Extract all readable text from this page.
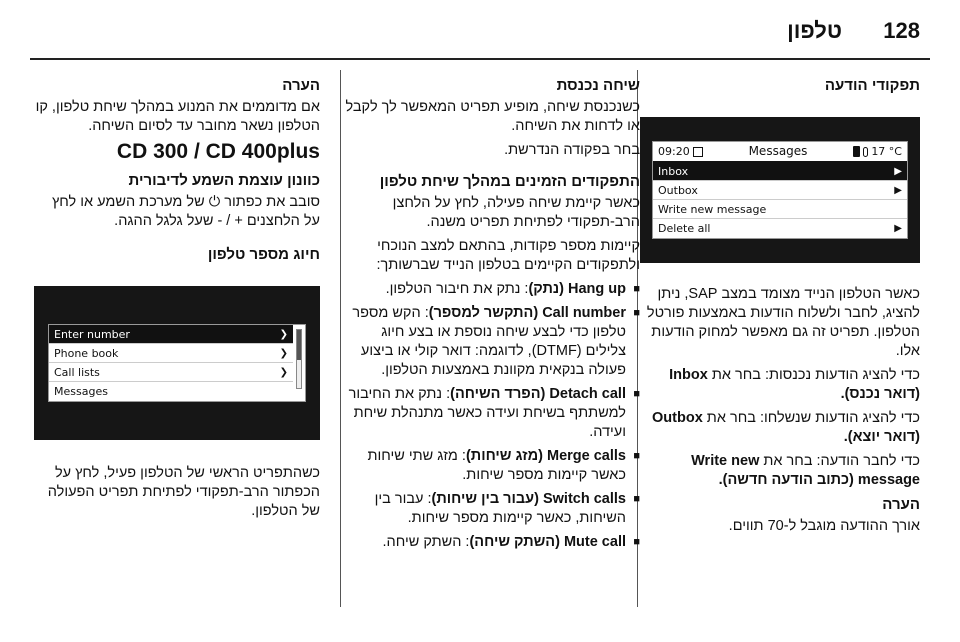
128
טלפון
תפקודי הודעה
09:20	Messages	17 °C
Inbox	▶
Outbox	▶
Write new message
Delete all	▶

כאשר הטלפון הנייד מצומד במצב SAP, ניתן להציג, לחבר ולשלוח הודעות באמצעות פורטל הטלפון. תפריט זה גם מאפשר למחוק הודעות אלו.

כדי להציג הודעות נכנסות: בחר את Inbox (דואר נכנס).

כדי להציג הודעות שנשלחו: בחר את Outbox (דואר יוצא).

כדי לחבר הודעה: בחר את Write new message (כתוב הודעה חדשה).

הערה

אורך ההודעה מוגבל ל-70 תווים.

שיחה נכנסת

כשנכנסת שיחה, מופיע תפריט המאפשר לך לקבל או לדחות את השיחה.

בחר בפקודה הנדרשת.

התפקודים הזמינים במהלך שיחת טלפון

כאשר קיימת שיחה פעילה, לחץ על הלחצן הרב-תפקודי לפתיחת תפריט משנה.

קיימות מספר פקודות, בהתאם למצב הנוכחי ולתפקודים הקיימים בטלפון הנייד שברשותך:

■ Hang up (נתק): נתק את חיבור הטלפון.
■ Call number (התקשר למספר): הקש מספר טלפון כדי לבצע שיחה נוספת או בצע חיוג צלילים (DTMF), לדוגמה: דואר קולי או ביצוע פעולה בנקאית מקוונת באמצעות הטלפון.
■ Detach call (הפרד השיחה): נתק את החיבור למשתתף בשיחת ועידה כאשר מתנהלת שיחת ועידה.
■ Merge calls (מזג שיחות): מזג שתי שיחות כאשר קיימות מספר שיחות.
■ Switch calls (עבור בין שיחות): עבור בין השיחות, כאשר קיימות מספר שיחות.
■ Mute call (השתק שיחה): השתק שיחה.
הערה

אם מדוממים את המנוע במהלך שיחת טלפון, קו הטלפון נשאר מחובר עד לסיום השיחה.

CD 300 / CD 400plus
כוונון עוצמת השמע לדיבורית

סובב את כפתור ⏻ של מערכת השמע או לחץ על הלחצנים + / - שעל גלגל ההגה.

חיוג מספר טלפון
Enter number	❯
Phone book	❯
Call lists	❯
Messages

כשהתפריט הראשי של הטלפון פעיל, לחץ על הכפתור הרב-תפקודי לפתיחת תפריט הפעולה של הטלפון.
